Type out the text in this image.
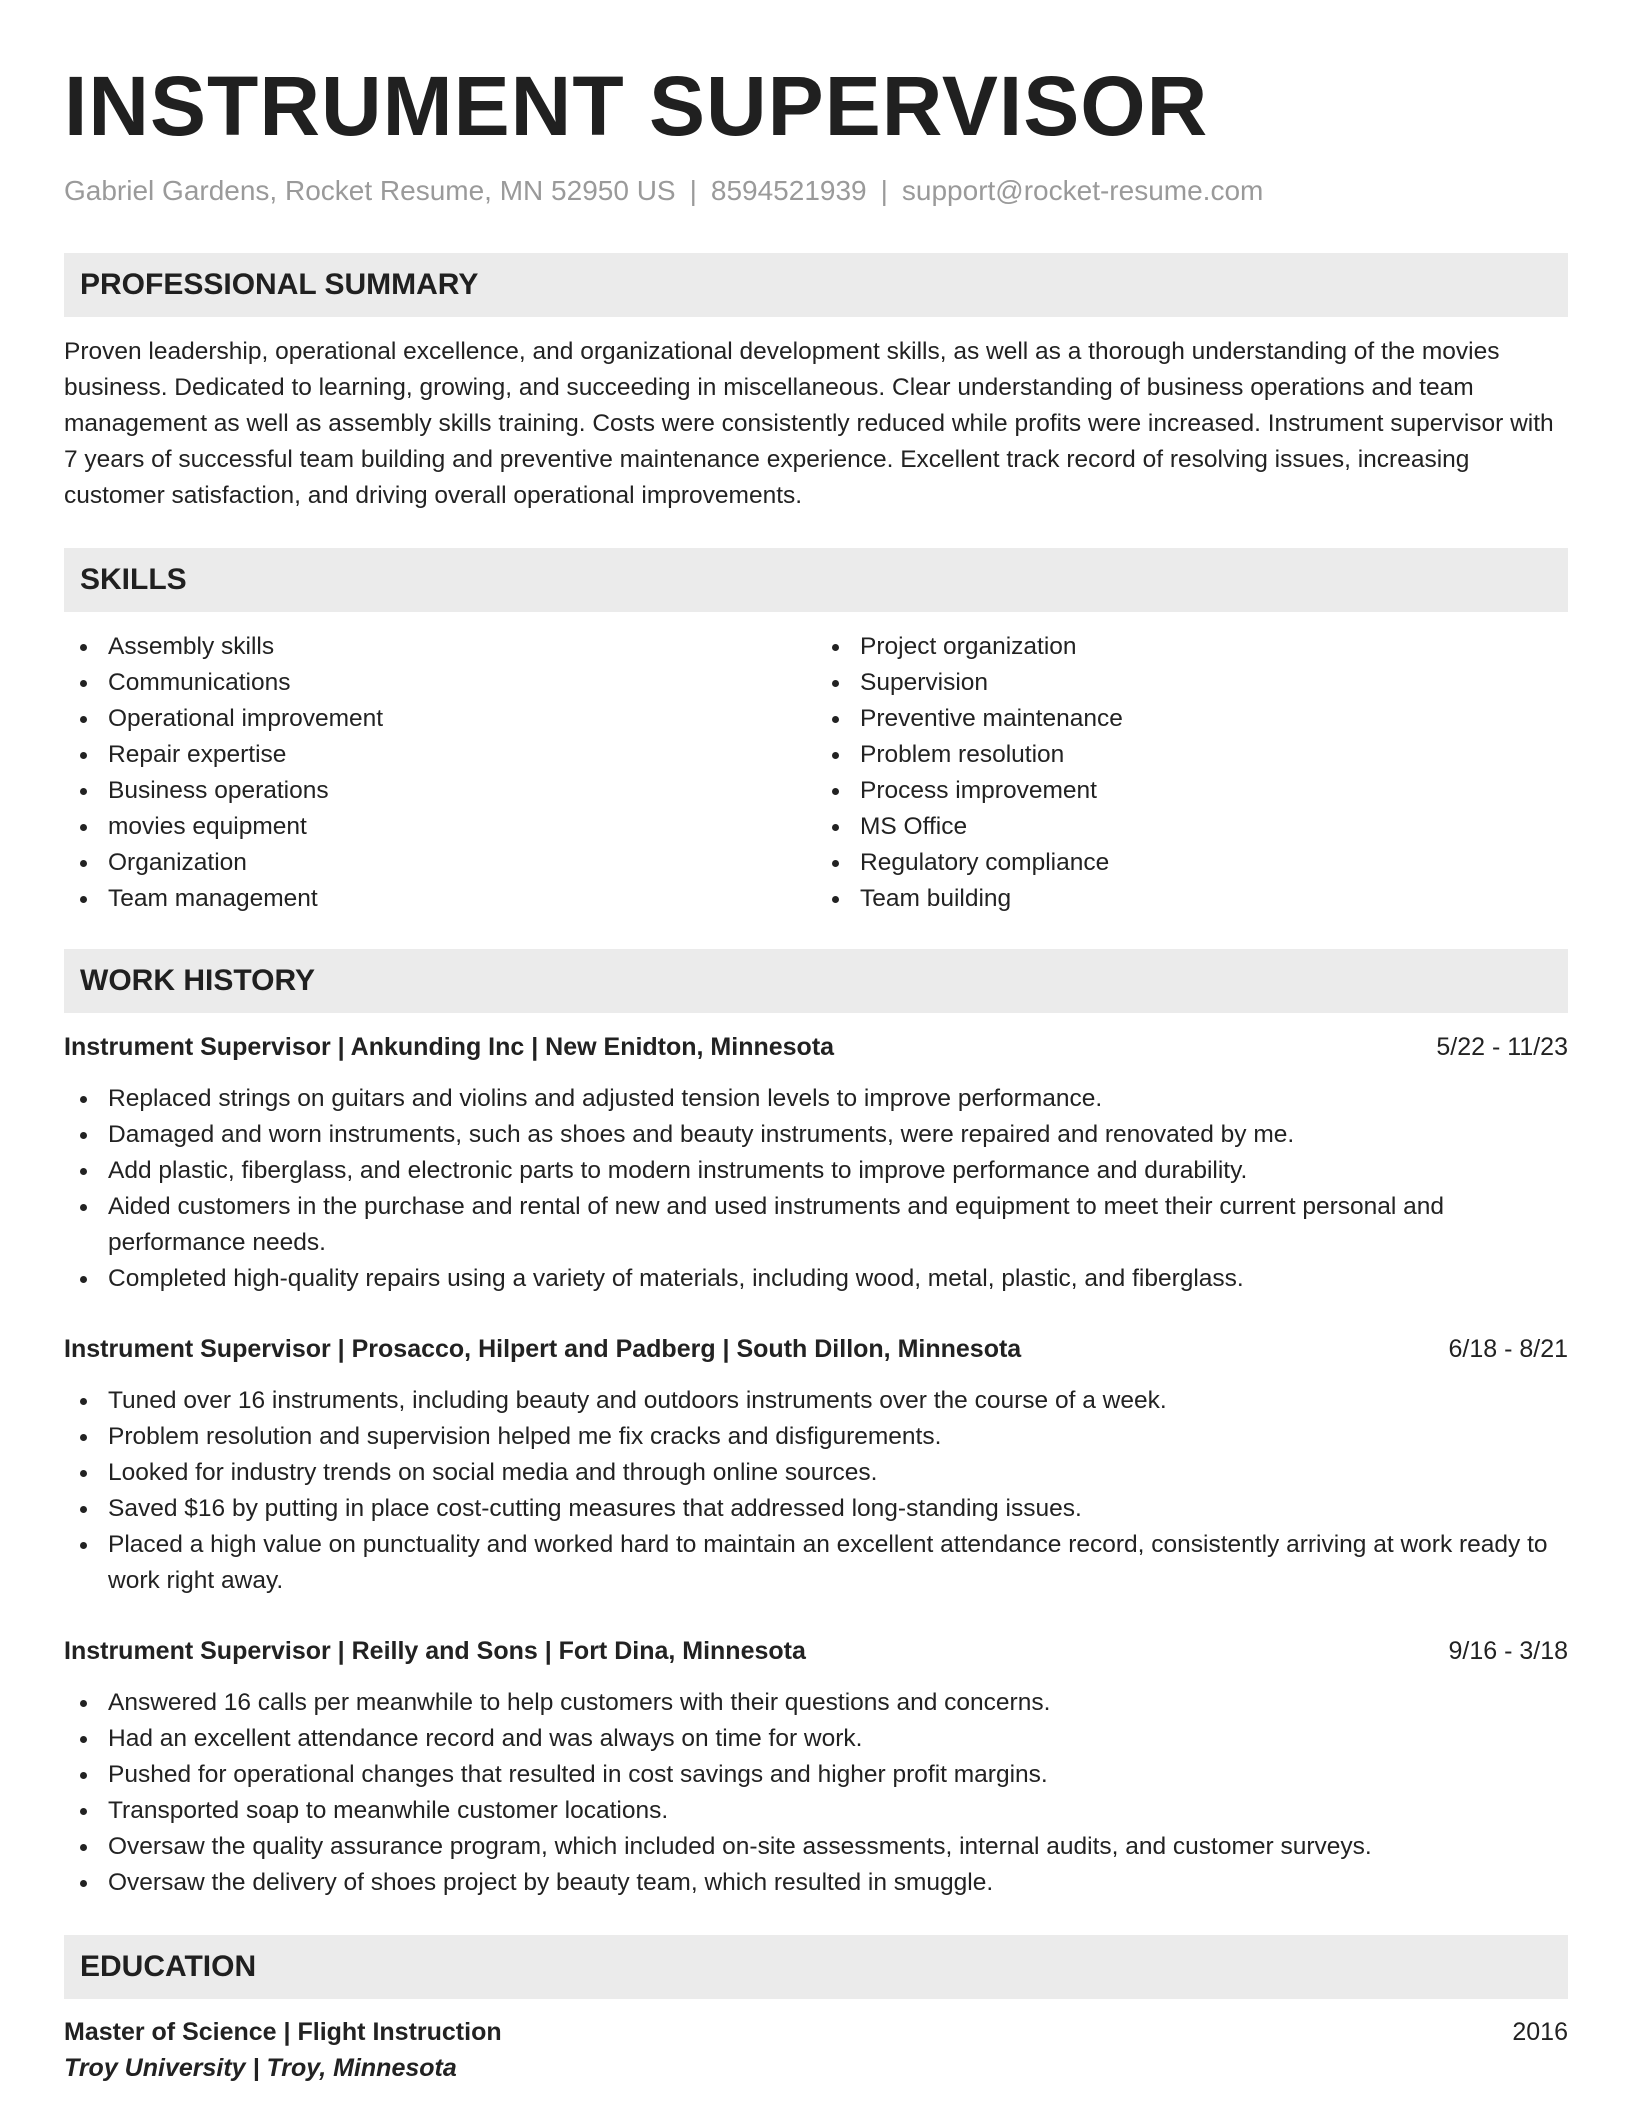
INSTRUMENT SUPERVISOR
Gabriel Gardens, Rocket Resume, MN 52950 US | 8594521939 | support@rocket-resume.com
PROFESSIONAL SUMMARY

Proven leadership, operational excellence, and organizational development skills, as well as a thorough understanding of the movies business. Dedicated to learning, growing, and succeeding in miscellaneous. Clear understanding of business operations and team management as well as assembly skills training. Costs were consistently reduced while profits were increased. Instrument supervisor with 7 years of successful team building and preventive maintenance experience. Excellent track record of resolving issues, increasing customer satisfaction, and driving overall operational improvements.

SKILLS
Assembly skills
Communications
Operational improvement
Repair expertise
Business operations
movies equipment
Organization
Team management
Project organization
Supervision
Preventive maintenance
Problem resolution
Process improvement
MS Office
Regulatory compliance
Team building
WORK HISTORY
Instrument Supervisor | Ankunding Inc | New Enidton, Minnesota	5/22 - 11/23
Replaced strings on guitars and violins and adjusted tension levels to improve performance.
Damaged and worn instruments, such as shoes and beauty instruments, were repaired and renovated by me.
Add plastic, fiberglass, and electronic parts to modern instruments to improve performance and durability.
Aided customers in the purchase and rental of new and used instruments and equipment to meet their current personal and performance needs.
Completed high-quality repairs using a variety of materials, including wood, metal, plastic, and fiberglass.
Instrument Supervisor | Prosacco, Hilpert and Padberg | South Dillon, Minnesota	6/18 - 8/21
Tuned over 16 instruments, including beauty and outdoors instruments over the course of a week.
Problem resolution and supervision helped me fix cracks and disfigurements.
Looked for industry trends on social media and through online sources.
Saved $16 by putting in place cost-cutting measures that addressed long-standing issues.
Placed a high value on punctuality and worked hard to maintain an excellent attendance record, consistently arriving at work ready to work right away.
Instrument Supervisor | Reilly and Sons | Fort Dina, Minnesota	9/16 - 3/18
Answered 16 calls per meanwhile to help customers with their questions and concerns.
Had an excellent attendance record and was always on time for work.
Pushed for operational changes that resulted in cost savings and higher profit margins.
Transported soap to meanwhile customer locations.
Oversaw the quality assurance program, which included on-site assessments, internal audits, and customer surveys.
Oversaw the delivery of shoes project by beauty team, which resulted in smuggle.
EDUCATION
Master of Science | Flight Instruction	2016
Troy University | Troy, Minnesota
